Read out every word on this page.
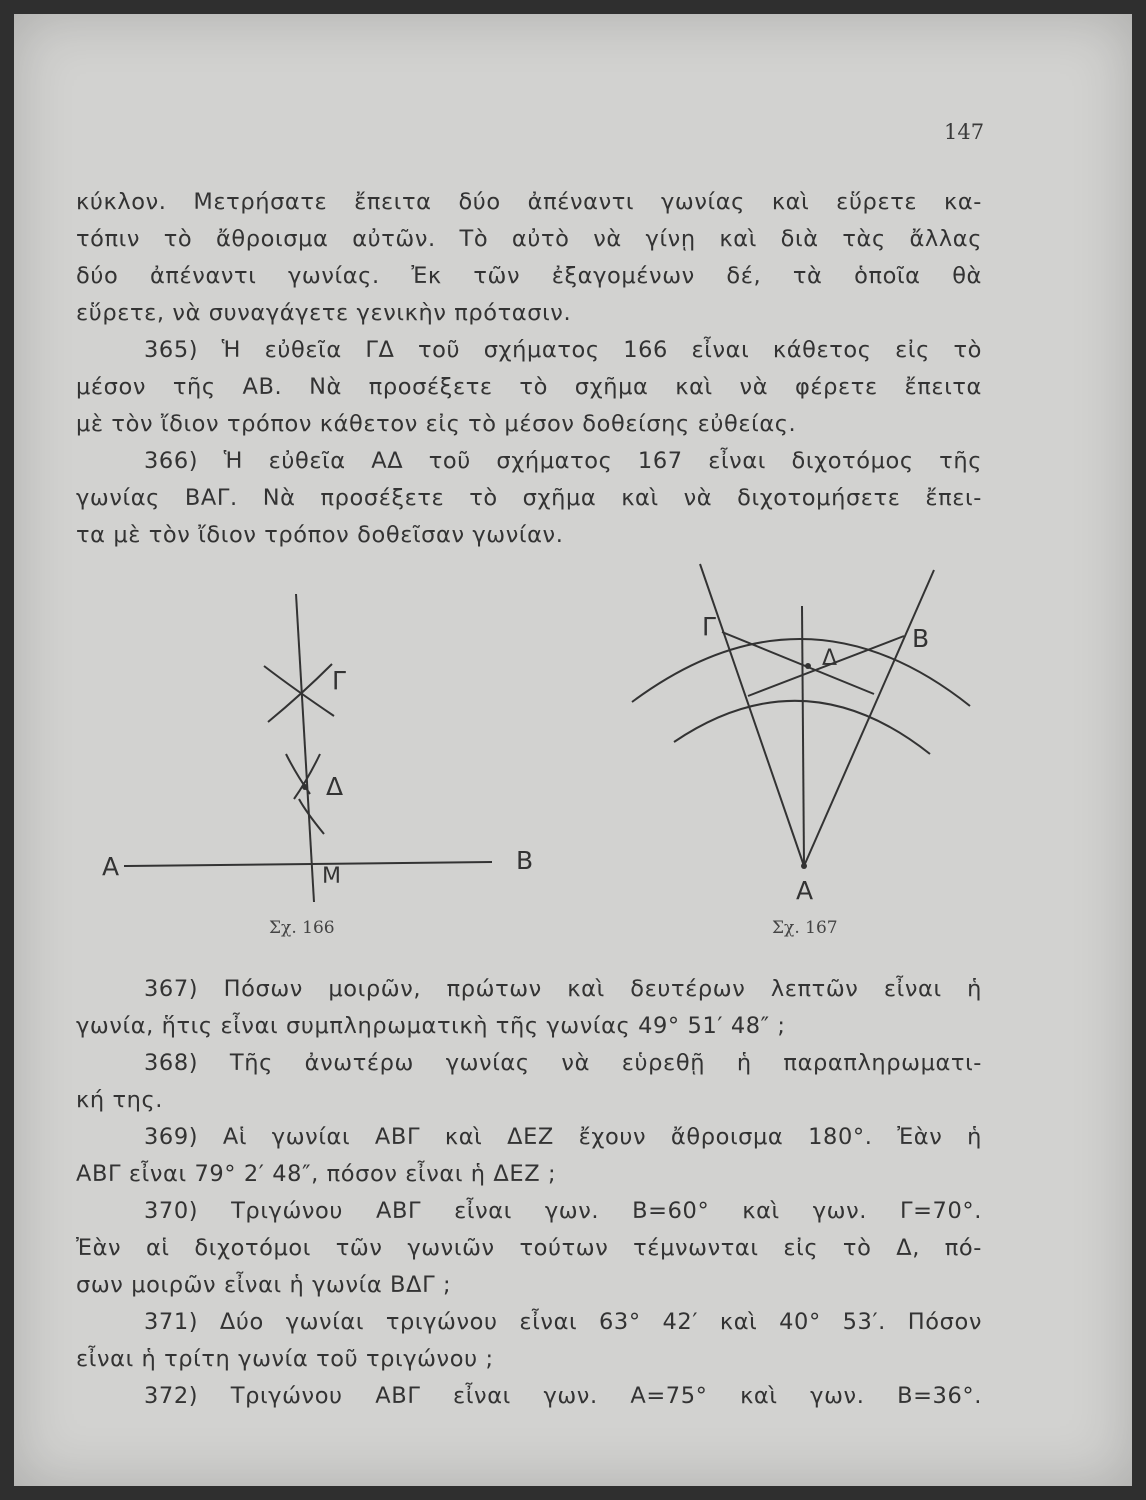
147
κύκλον. Μετρήσατε ἔπειτα δύο ἀπέναντι γωνίας καὶ εὕρετε κα-
τόπιν τὸ ἄθροισμα αὐτῶν. Τὸ αὐτὸ νὰ γίνῃ καὶ διὰ τὰς ἄλλας
δύο ἀπέναντι γωνίας. Ἐκ τῶν ἐξαγομένων δέ, τὰ ὁποῖα θὰ
εὕρετε, νὰ συναγάγετε γενικὴν πρότασιν.
365) Ἡ εὐθεῖα ΓΔ τοῦ σχήματος 166 εἶναι κάθετος εἰς τὸ
μέσον τῆς ΑΒ. Νὰ προσέξετε τὸ σχῆμα καὶ νὰ φέρετε ἔπειτα
μὲ τὸν ἴδιον τρόπον κάθετον εἰς τὸ μέσον δοθείσης εὐθείας.
366) Ἡ εὐθεῖα ΑΔ τοῦ σχήματος 167 εἶναι διχοτόμος τῆς
γωνίας ΒΑΓ. Νὰ προσέξετε τὸ σχῆμα καὶ νὰ διχοτομήσετε ἔπει-
τα μὲ τὸν ἴδιον τρόπον δοθεῖσαν γωνίαν.
Α	Β
Γ
Δ
Μ
Σχ. 166
Γ	Β
Δ
Α
Σχ. 167
367) Πόσων μοιρῶν, πρώτων καὶ δευτέρων λεπτῶν εἶναι ἡ
γωνία, ἥτις εἶναι συμπληρωματικὴ τῆς γωνίας 49° 51′ 48″ ;
368) Τῆς ἀνωτέρω γωνίας νὰ εὑρεθῇ ἡ παραπληρωματι-
κή της.
369) Αἱ γωνίαι ΑΒΓ καὶ ΔΕΖ ἔχουν ἄθροισμα 180°. Ἐὰν ἡ
ΑΒΓ εἶναι 79° 2′ 48″, πόσον εἶναι ἡ ΔΕΖ ;
370) Τριγώνου ΑΒΓ εἶναι γων. Β=60° καὶ γων. Γ=70°.
Ἐὰν αἱ διχοτόμοι τῶν γωνιῶν τούτων τέμνωνται εἰς τὸ Δ, πό-
σων μοιρῶν εἶναι ἡ γωνία ΒΔΓ ;
371) Δύο γωνίαι τριγώνου εἶναι 63° 42′ καὶ 40° 53′. Πόσον
εἶναι ἡ τρίτη γωνία τοῦ τριγώνου ;
372) Τριγώνου ΑΒΓ εἶναι γων. Α=75° καὶ γων. Β=36°.
